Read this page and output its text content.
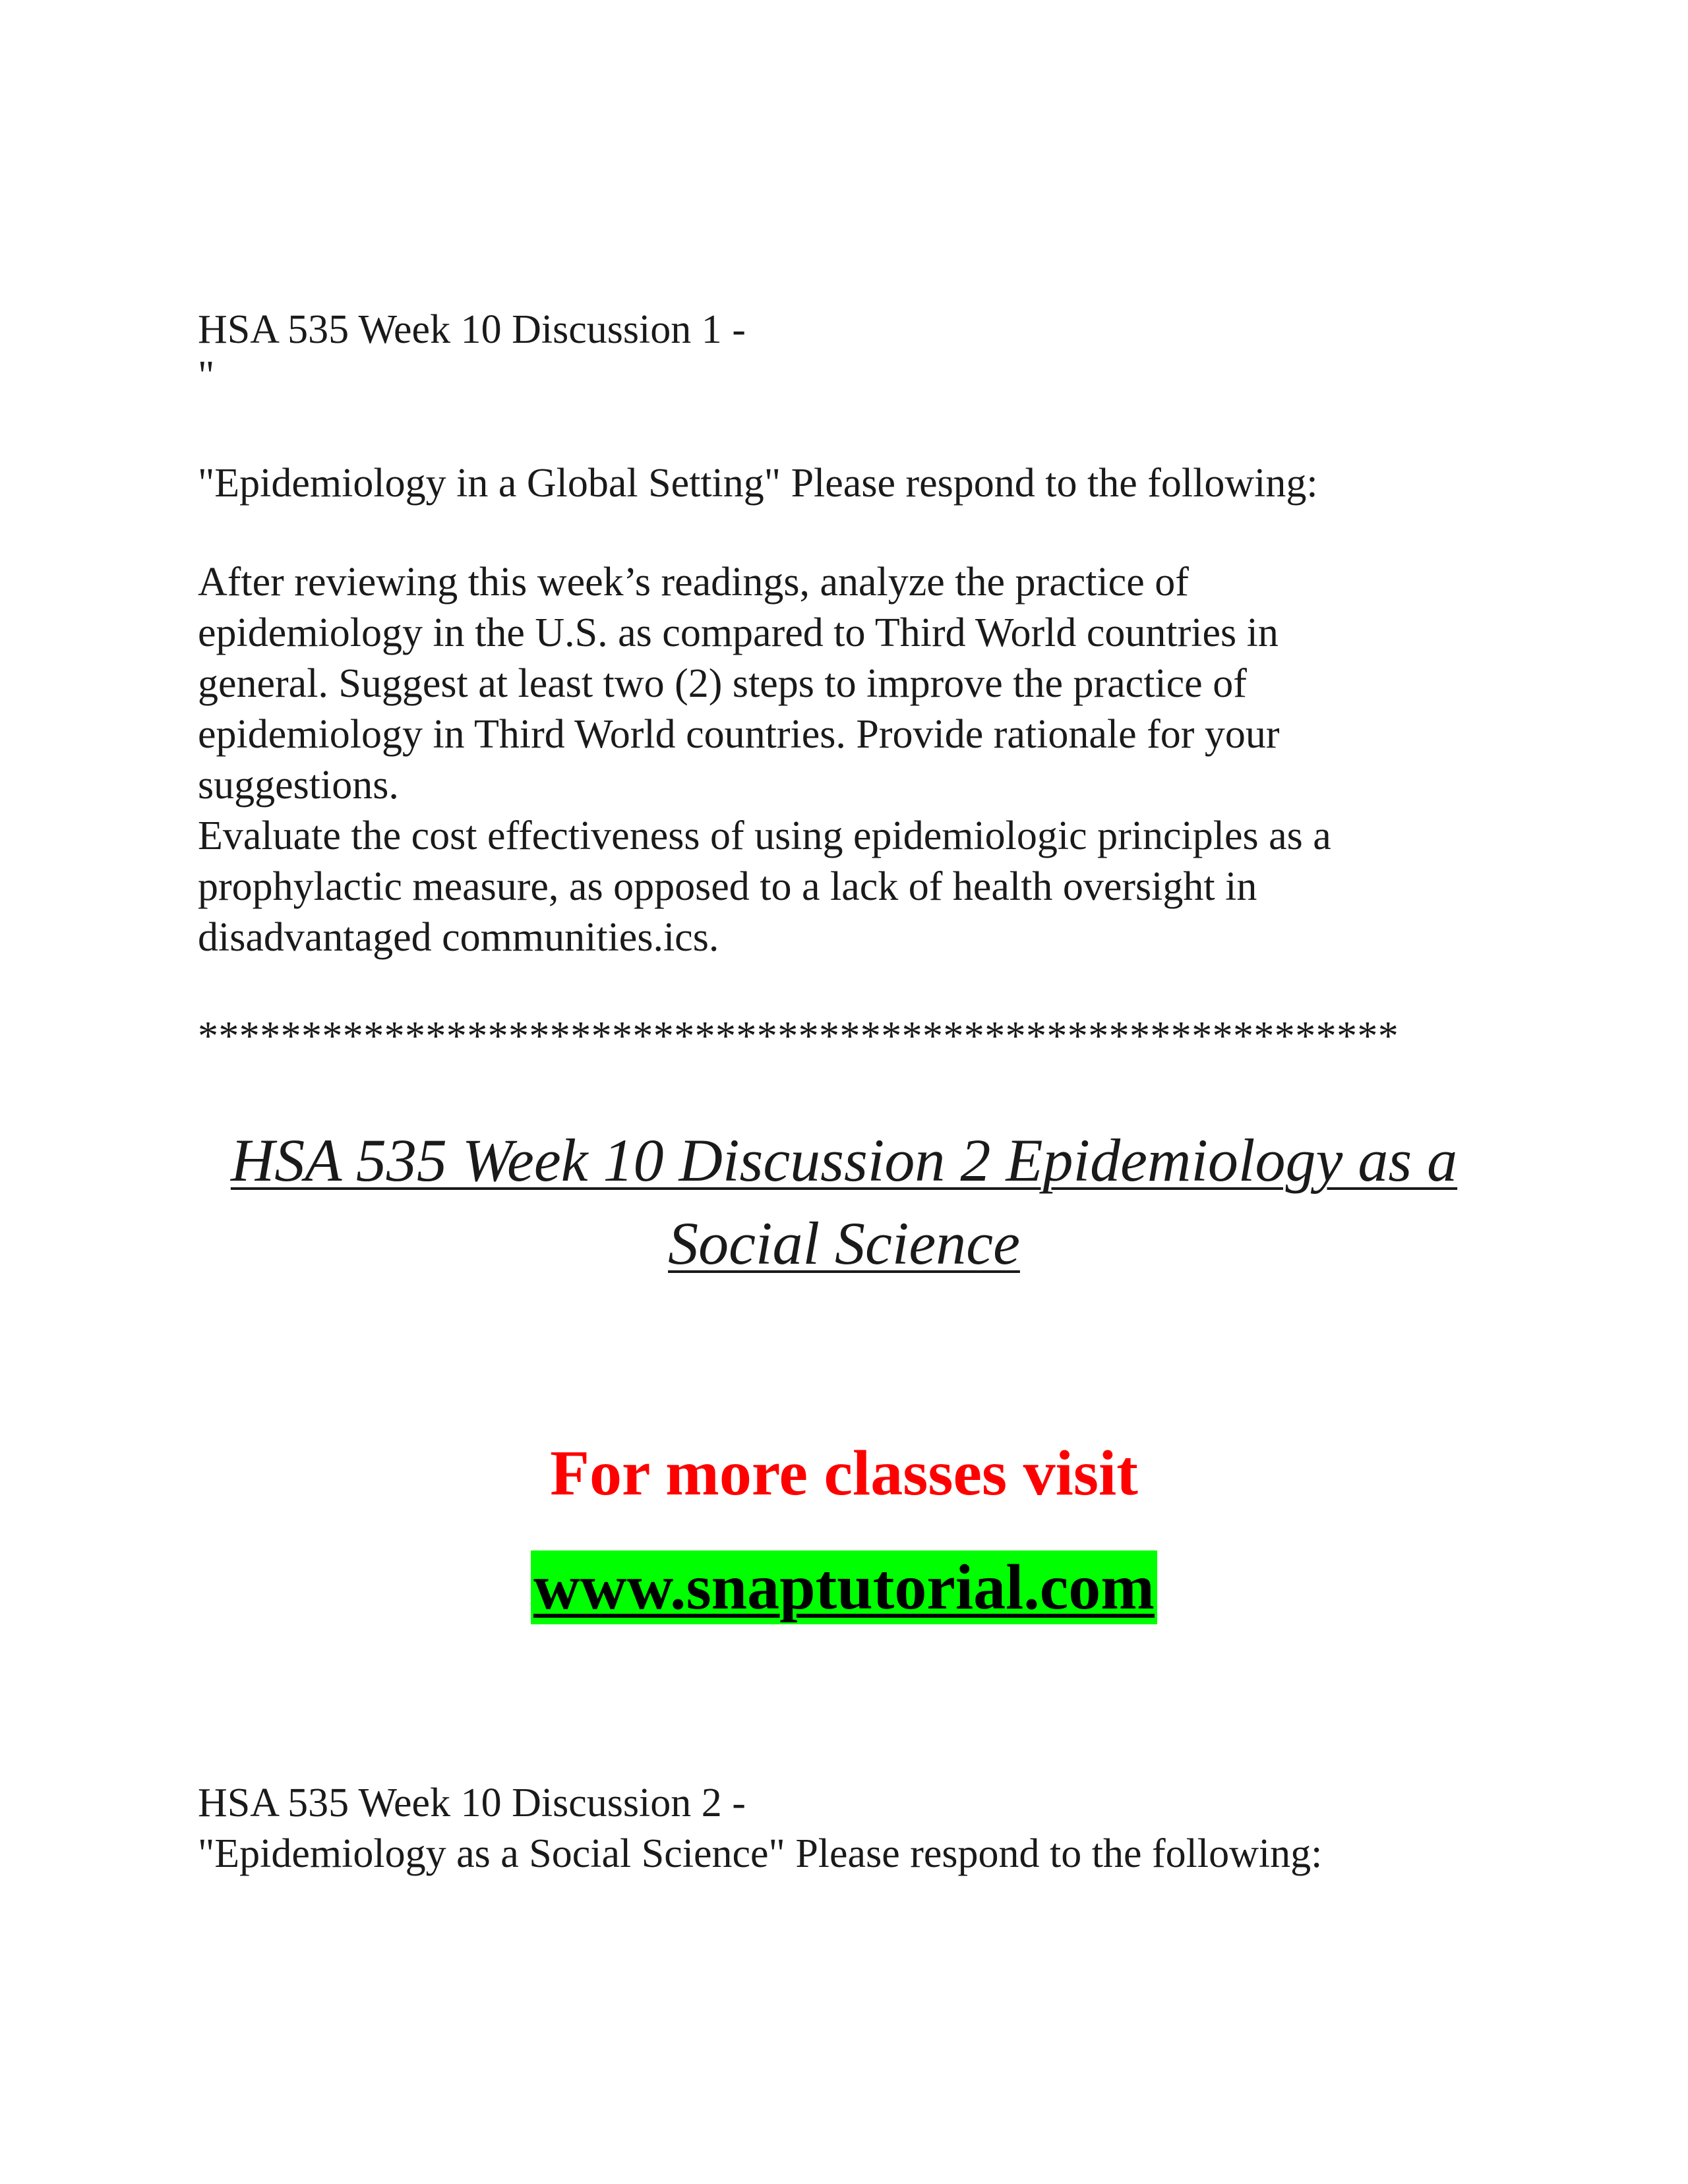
HSA 535 Week 10 Discussion 1 -
"
"Epidemiology in a Global Setting" Please respond to the following:
After reviewing this week’s readings, analyze the practice of
epidemiology in the U.S. as compared to Third World countries in
general. Suggest at least two (2) steps to improve the practice of
epidemiology in Third World countries. Provide rationale for your
suggestions.
Evaluate the cost effectiveness of using epidemiologic principles as a
prophylactic measure, as opposed to a lack of health oversight in
disadvantaged communities.ics.
**********************************************************
HSA 535 Week 10 Discussion 2 Epidemiology as a
Social Science
For more classes visit
www.snaptutorial.com
HSA 535 Week 10 Discussion 2 -
"Epidemiology as a Social Science" Please respond to the following:
